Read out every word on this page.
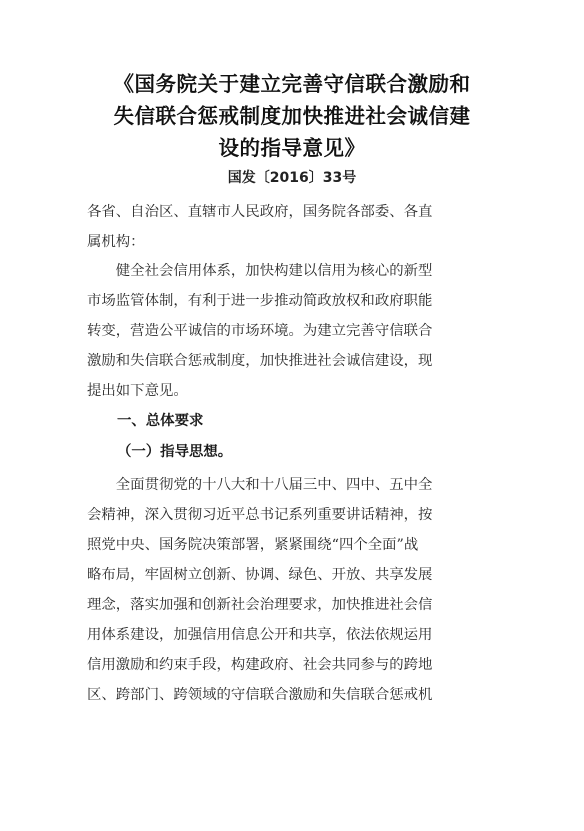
《国务院关于建立完善守信联合激励和
失信联合惩戒制度加快推进社会诚信建
设的指导意见》
国发〔2016〕33号

各省、自治区、直辖市人民政府，国务院各部委、各直
属机构：

　　健全社会信用体系，加快构建以信用为核心的新型
市场监管体制，有利于进一步推动简政放权和政府职能
转变，营造公平诚信的市场环境。为建立完善守信联合
激励和失信联合惩戒制度，加快推进社会诚信建设，现
提出如下意见。

一、总体要求
（一）指导思想。

　　全面贯彻党的十八大和十八届三中、四中、五中全
会精神，深入贯彻习近平总书记系列重要讲话精神，按
照党中央、国务院决策部署，紧紧围绕“四个全面”战
略布局，牢固树立创新、协调、绿色、开放、共享发展
理念，落实加强和创新社会治理要求，加快推进社会信
用体系建设，加强信用信息公开和共享，依法依规运用
信用激励和约束手段，构建政府、社会共同参与的跨地
区、跨部门、跨领域的守信联合激励和失信联合惩戒机
